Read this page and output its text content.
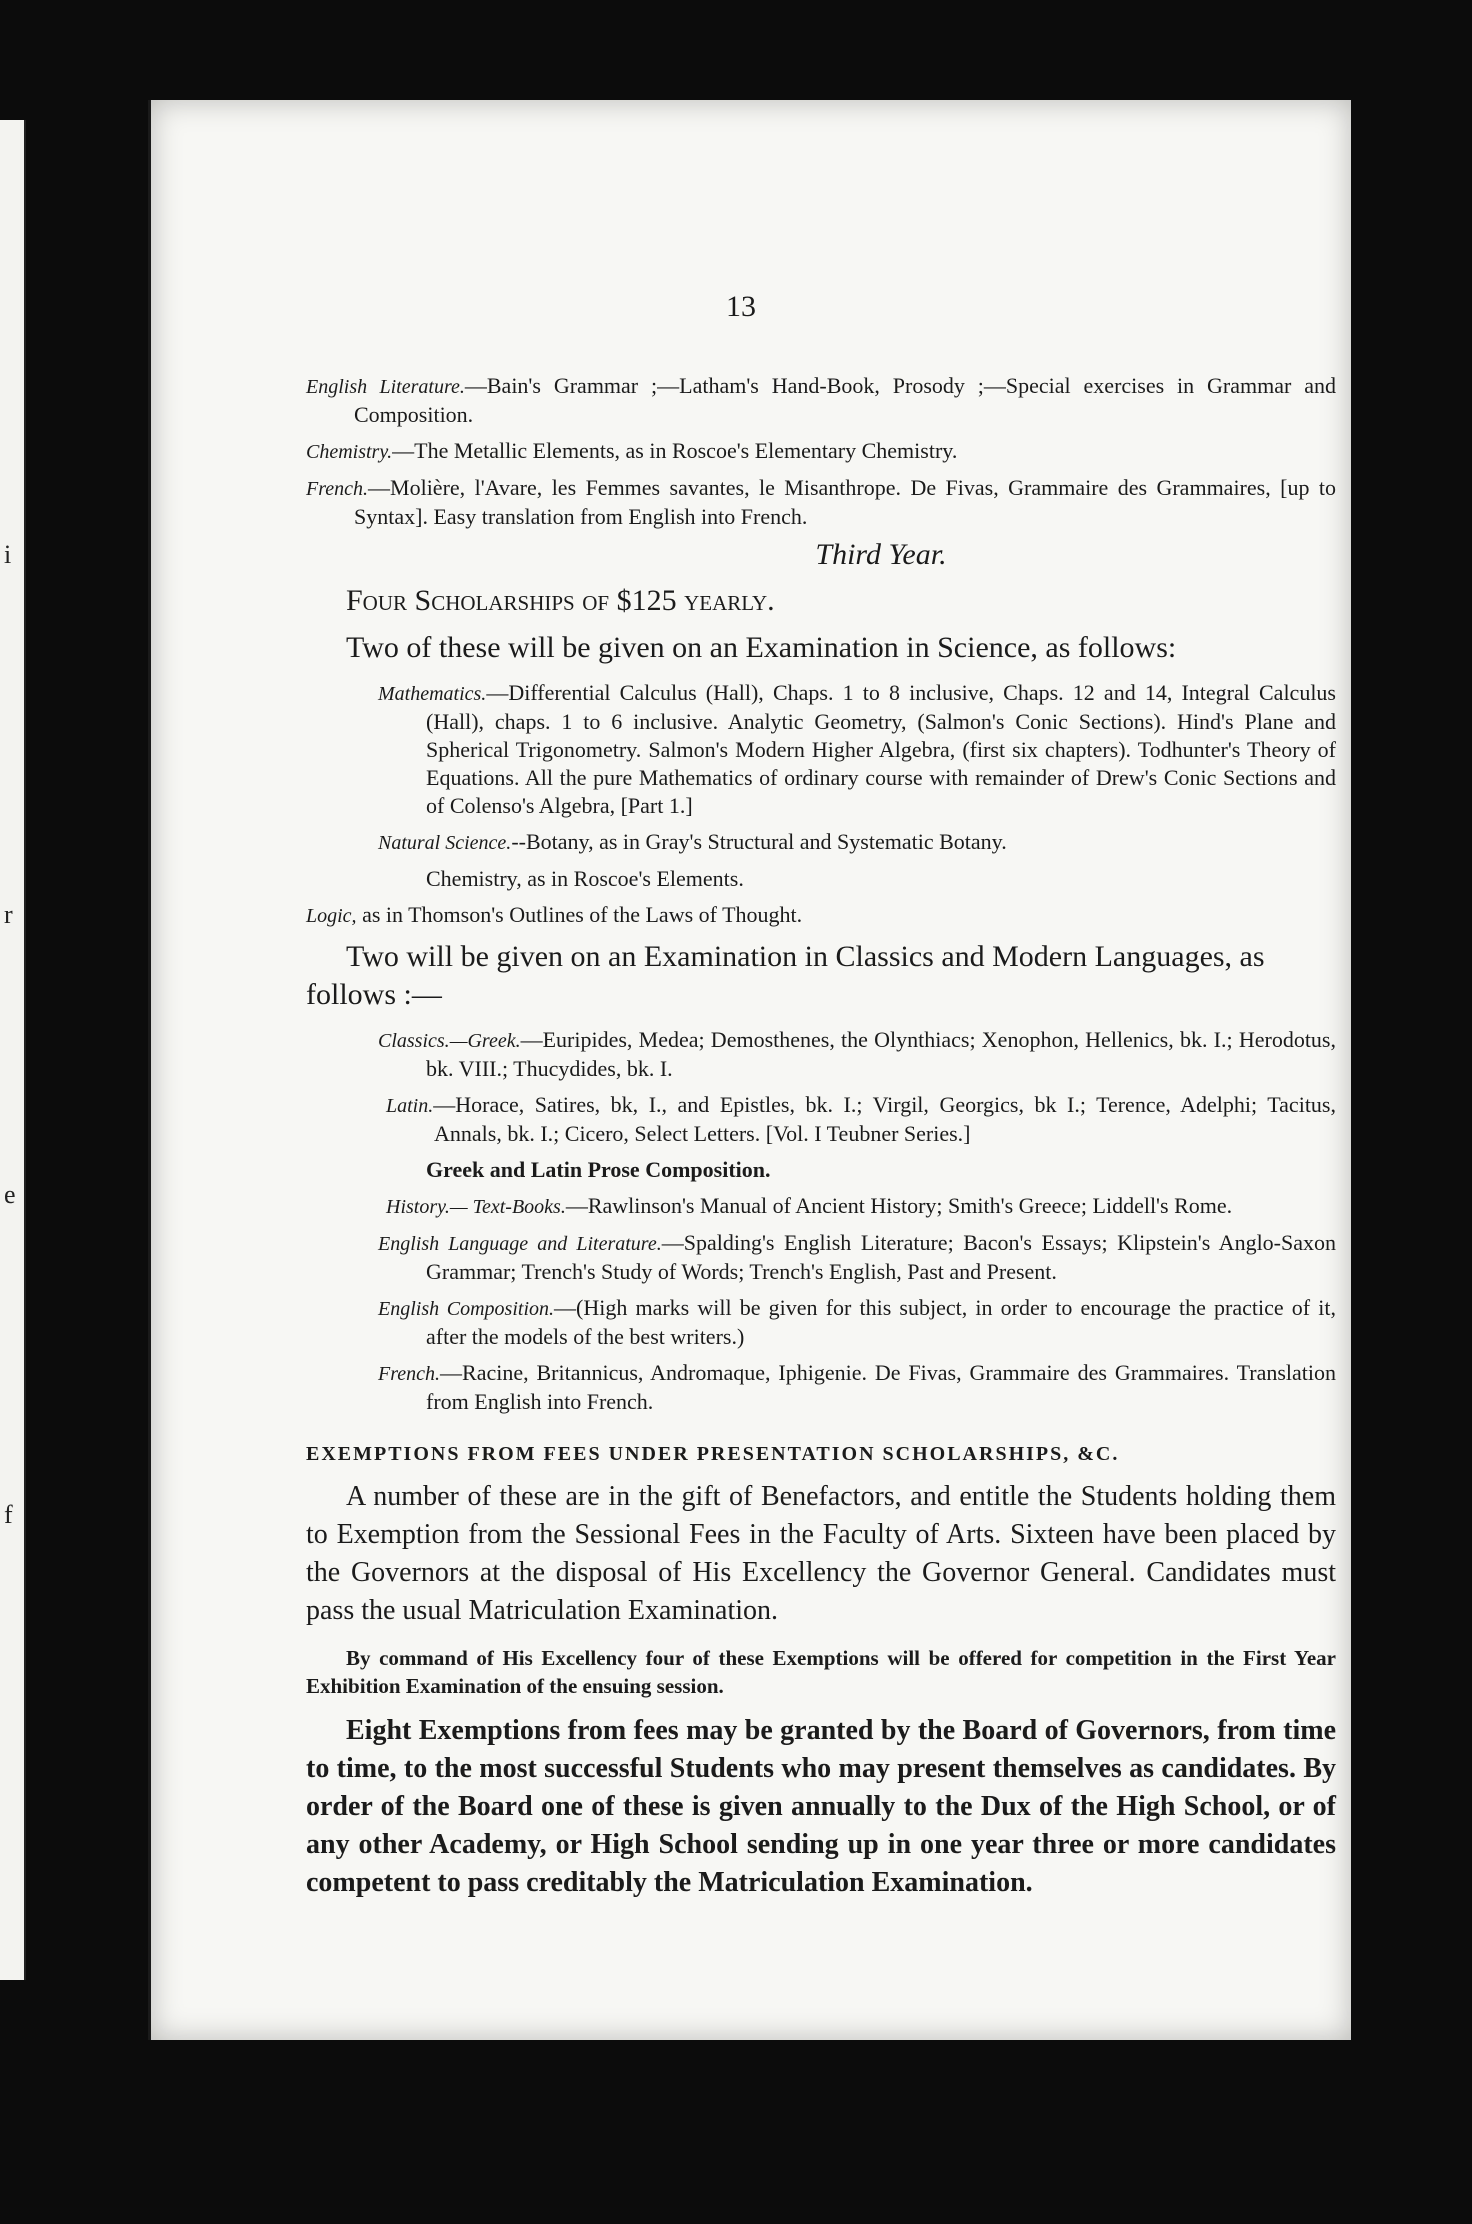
i
r
e
f
13

English Literature.—Bain's Grammar ;—Latham's Hand-Book, Prosody ;—Special exercises in Grammar and Composition.

Chemistry.—The Metallic Elements, as in Roscoe's Elementary Chemistry.

French.—Molière, l'Avare, les Femmes savantes, le Misanthrope. De Fivas, Grammaire des Grammaires, [up to Syntax]. Easy translation from English into French.

Third Year.

Four Scholarships of $125 yearly.

Two of these will be given on an Examination in Science, as follows:

Mathematics.—Differential Calculus (Hall), Chaps. 1 to 8 inclusive, Chaps. 12 and 14, Integral Calculus (Hall), chaps. 1 to 6 inclusive. Analytic Geometry, (Salmon's Conic Sections). Hind's Plane and Spherical Trigonometry. Salmon's Modern Higher Algebra, (first six chapters). Todhunter's Theory of Equations. All the pure Mathematics of ordinary course with remainder of Drew's Conic Sections and of Colenso's Algebra, [Part 1.]

Natural Science.--Botany, as in Gray's Structural and Systematic Botany.

Chemistry, as in Roscoe's Elements.

Logic, as in Thomson's Outlines of the Laws of Thought.

Two will be given on an Examination in Classics and Modern Languages, as follows :—

Classics.—Greek.—Euripides, Medea; Demosthenes, the Olynthiacs; Xenophon, Hellenics, bk. I.; Herodotus, bk. VIII.; Thucydides, bk. I.

Latin.—Horace, Satires, bk, I., and Epistles, bk. I.; Virgil, Georgics, bk I.; Terence, Adelphi; Tacitus, Annals, bk. I.; Cicero, Select Letters. [Vol. I Teubner Series.]

Greek and Latin Prose Composition.

History.— Text-Books.—Rawlinson's Manual of Ancient History; Smith's Greece; Liddell's Rome.

English Language and Literature.—Spalding's English Literature; Bacon's Essays; Klipstein's Anglo-Saxon Grammar; Trench's Study of Words; Trench's English, Past and Present.

English Composition.—(High marks will be given for this subject, in order to encourage the practice of it, after the models of the best writers.)

French.—Racine, Britannicus, Andromaque, Iphigenie. De Fivas, Grammaire des Grammaires. Translation from English into French.

EXEMPTIONS FROM FEES UNDER PRESENTATION SCHOLARSHIPS, &C.

A number of these are in the gift of Benefactors, and entitle the Students holding them to Exemption from the Sessional Fees in the Faculty of Arts. Sixteen have been placed by the Governors at the disposal of His Excellency the Governor General. Candidates must pass the usual Matriculation Examination.

By command of His Excellency four of these Exemptions will be offered for competition in the First Year Exhibition Examination of the ensuing session.

Eight Exemptions from fees may be granted by the Board of Governors, from time to time, to the most successful Students who may present themselves as candidates. By order of the Board one of these is given annually to the Dux of the High School, or of any other Academy, or High School sending up in one year three or more candidates competent to pass creditably the Matriculation Examination.
